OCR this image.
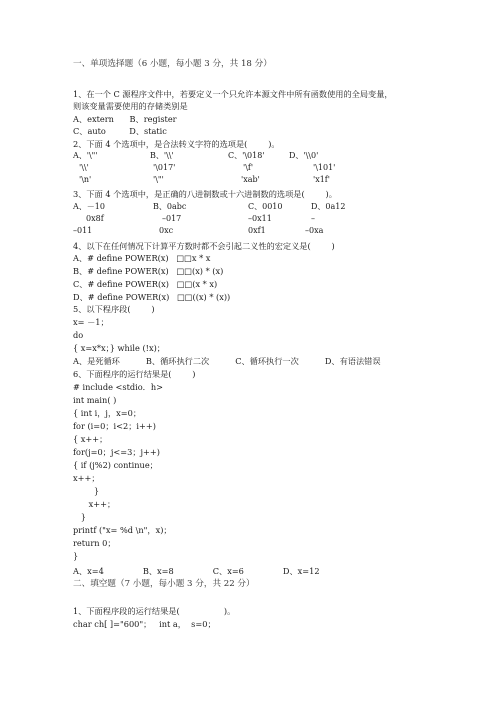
一、单项选择题（6 小题，每小题 3 分，共 18 分）
1、在一个 C 源程序文件中，若要定义一个只允许本源文件中所有函数使用的全局变量，
则该变量需要使用的存储类别是
A、extern      B、register
C、auto         D、static
2、下面 4 个选项中，是合法转义字符的选项是(        )。
A、'\"'	B、'\\'	C、'\018'	D、'\\0'
'\\'	'\017'	'\f'	'\101'
'\n'	'\"'	'xab'	'x1f'
3、下面 4 个选项中，是正确的八进制数或十六进制数的选项是(        )。
A、－10	B、0abc	C、0010	D、0a12
0x8f	–017	–0x11	–
–011	0xc	0xf1	–0xa
4、以下在任何情况下计算平方数时都不会引起二义性的宏定义是(        )
A、# define POWER(x)   □□x * x
B、# define POWER(x)   □□(x) * (x)
C、# define POWER(x)   □□(x * x)
D、# define POWER(x)   □□((x) * (x))
5、以下程序段(        )
x= －1；
do
{ x=x*x；} while (!x)；
A、是死循环          B、循环执行二次          C、循环执行一次          D、有语法错误
6、下面程序的运行结果是(        )
# include <stdio．h>
int main( )
{ int i，j，x=0；
for (i=0；i<2；i++)
{ x++；
for(j=0；j<=3；j++)
{ if (j%2) continue；
x++；
}
x++；
}
printf ("x= %d \n"，x)；
return 0；
}
A、x=4               B、x=8               C、x=6               D、x=12
二、填空题（7 小题，每小题 3 分，共 22 分）
1、下面程序段的运行结果是(                 )。
char ch[ ]="600"；   int a，  s=0；
